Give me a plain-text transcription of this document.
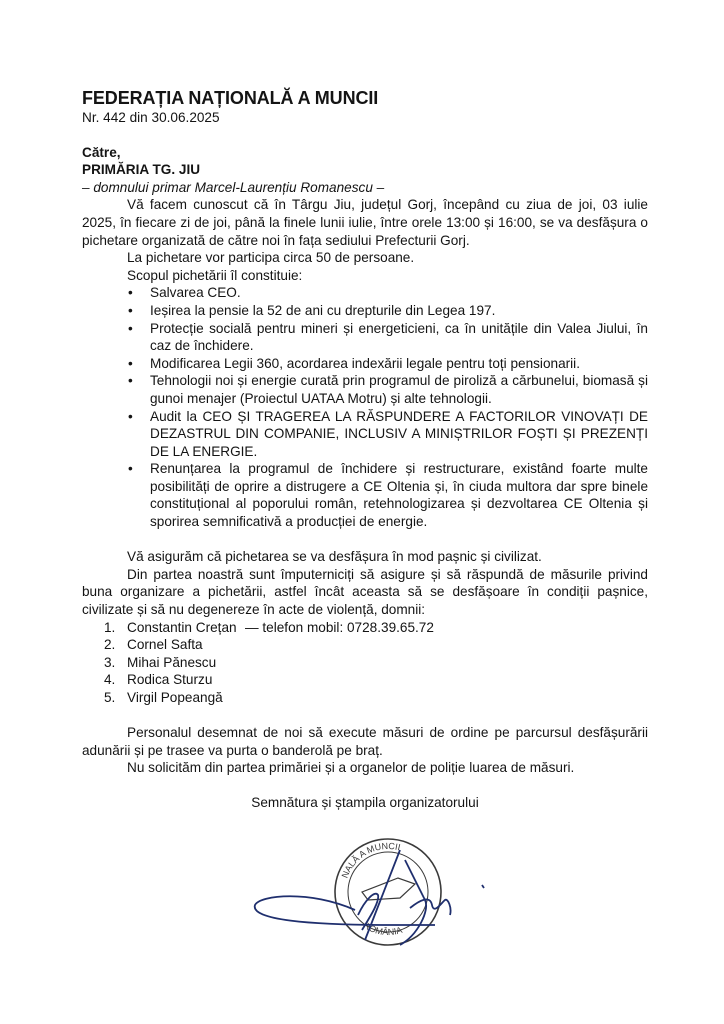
FEDERAȚIA NAȚIONALĂ A MUNCII

Nr. 442 din 30.06.2025

Către,

PRIMĂRIA TG. JIU

– domnului primar Marcel-Laurențiu Romanescu –

Vă facem cunoscut că în Târgu Jiu, județul Gorj, începând cu ziua de joi, 03 iulie 2025, în fiecare zi de joi, până la finele lunii iulie, între orele 13:00 și 16:00, se va desfășura o pichetare organizată de către noi în fața sediului Prefecturii Gorj.

La pichetare vor participa circa 50 de persoane.

Scopul pichetării îl constituie:

• Salvarea CEO.
• Ieșirea la pensie la 52 de ani cu drepturile din Legea 197.
• Protecție socială pentru mineri și energeticieni, ca în unitățile din Valea Jiului, în caz de închidere.
• Modificarea Legii 360, acordarea indexării legale pentru toți pensionarii.
• Tehnologii noi și energie curată prin programul de piroliză a cărbunelui, biomasă și gunoi menajer (Proiectul UATAA Motru) și alte tehnologii.
• Audit la CEO ȘI TRAGEREA LA RĂSPUNDERE A FACTORILOR VINOVAȚI DE DEZASTRUL DIN COMPANIE, INCLUSIV A MINIȘTRILOR FOȘTI ȘI PREZENȚI DE LA ENERGIE.
• Renunțarea la programul de închidere și restructurare, existând foarte multe posibilități de oprire a distrugere a CE Oltenia și, în ciuda multora dar spre binele constituțional al poporului român, retehnologizarea și dezvoltarea CE Oltenia și sporirea semnificativă a producției de energie.

Vă asigurăm că pichetarea se va desfășura în mod pașnic și civilizat.

Din partea noastră sunt împuterniciți să asigure și să răspundă de măsurile privind buna organizare a pichetării, astfel încât aceasta să se desfășoare în condiții pașnice, civilizate și să nu degenereze în acte de violență, domnii:

1. Constantin Crețan — telefon mobil: 0728.39.65.72
2. Cornel Safta
3. Mihai Pănescu
4. Rodica Sturzu
5. Virgil Popeangă

Personalul desemnat de noi să execute măsuri de ordine pe parcursul desfășurării adunării și pe trasee va purta o banderolă pe braț.

Nu solicităm din partea primăriei și a organelor de poliție luarea de măsuri.

Semnătura și ștampila organizatorului

NALĂ A MUNCII
ROMÂNIA
